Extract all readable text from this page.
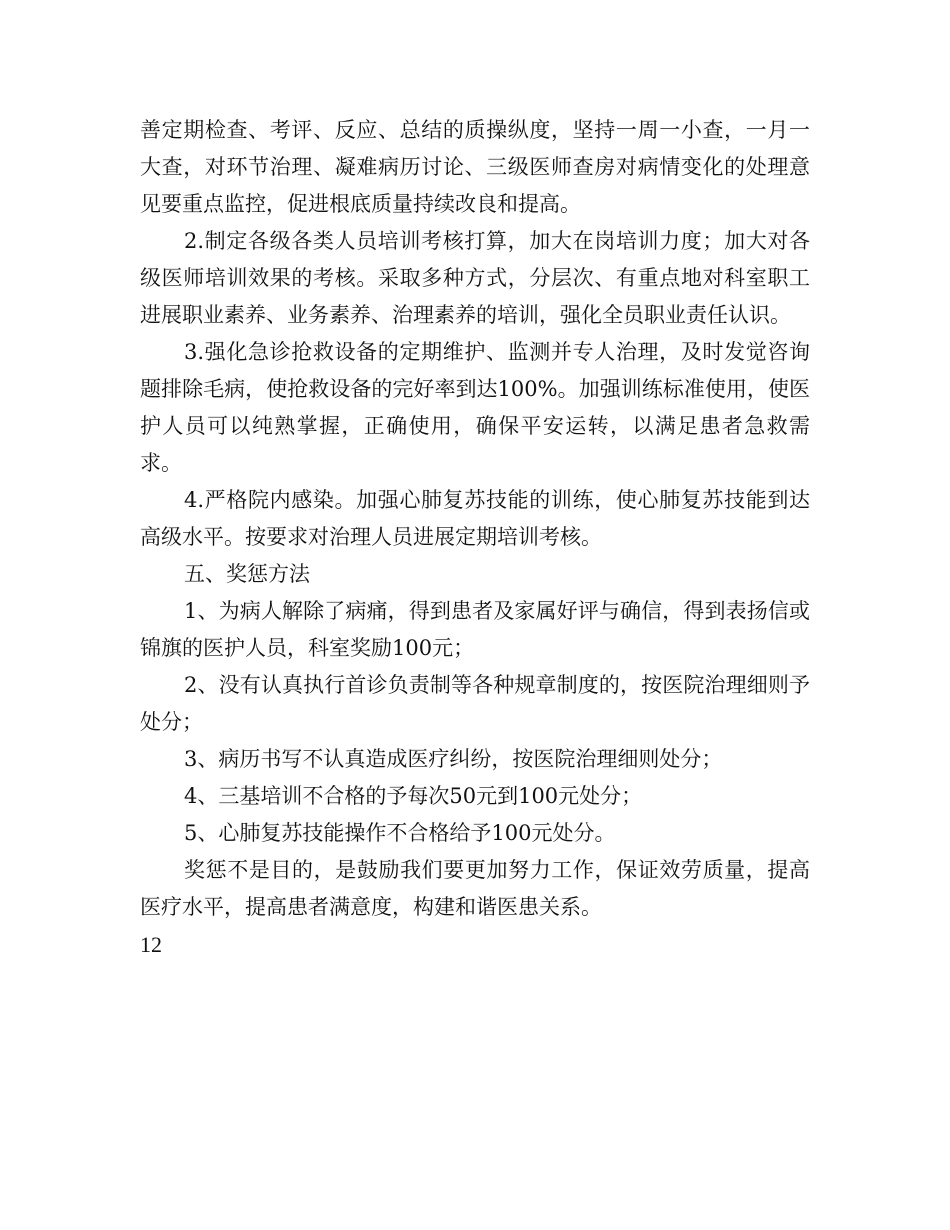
善定期检查、考评、反应、总结的质操纵度，坚持一周一小查，一月一大查，对环节治理、凝难病历讨论、三级医师查房对病情变化的处理意见要重点监控，促进根底质量持续改良和提高。

2.制定各级各类人员培训考核打算，加大在岗培训力度；加大对各级医师培训效果的考核。采取多种方式，分层次、有重点地对科室职工进展职业素养、业务素养、治理素养的培训，强化全员职业责任认识。

3.强化急诊抢救设备的定期维护、监测并专人治理，及时发觉咨询题排除毛病，使抢救设备的完好率到达100%。加强训练标准使用，使医护人员可以纯熟掌握，正确使用，确保平安运转，以满足患者急救需求。

4.严格院内感染。加强心肺复苏技能的训练，使心肺复苏技能到达高级水平。按要求对治理人员进展定期培训考核。

五、奖惩方法

1、为病人解除了病痛，得到患者及家属好评与确信，得到表扬信或锦旗的医护人员，科室奖励100元；

2、没有认真执行首诊负责制等各种规章制度的，按医院治理细则予处分；

3、病历书写不认真造成医疗纠纷，按医院治理细则处分；

4、三基培训不合格的予每次50元到100元处分；

5、心肺复苏技能操作不合格给予100元处分。

奖惩不是目的，是鼓励我们要更加努力工作，保证效劳质量，提高医疗水平，提高患者满意度，构建和谐医患关系。

12
